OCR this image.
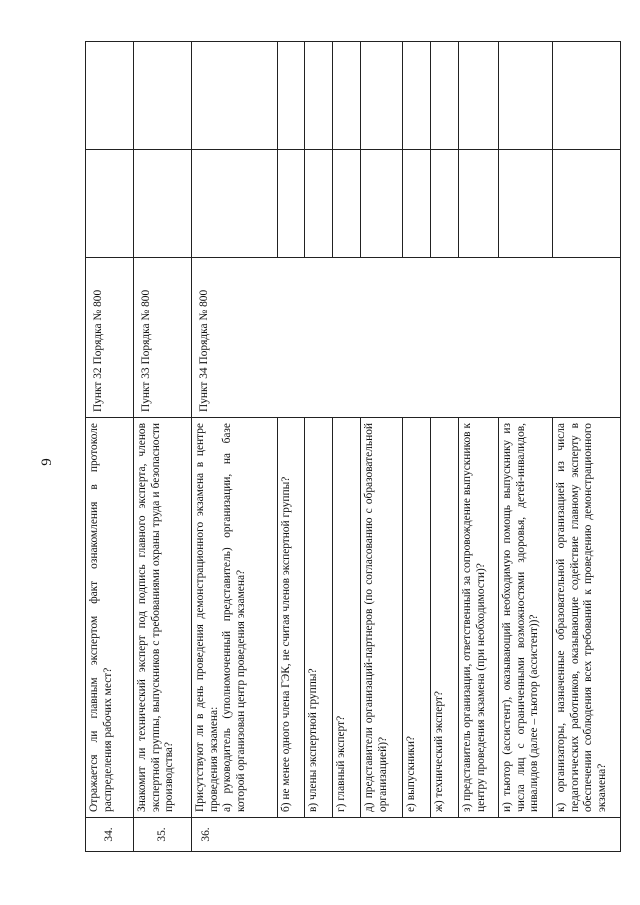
9
34.	Отражается ли главным экспертом факт ознакомления в протоколе распределения рабочих мест?	Пункт 32 Порядка № 800		
35.	Знакомит ли технический эксперт под подпись главного эксперта, членов экспертной группы, выпускников с требованиями охраны труда и безопасности производства?	Пункт 33 Порядка № 800		
36.	Присутствуют ли в день проведения демонстрационного экзамена в центре проведения экзамена: а) руководитель (уполномоченный представитель) организации, на базе которой организован центр проведения экзамена?	Пункт 34 Порядка № 800		
	б) не менее одного члена ГЭК, не считая членов экспертной группы?			
	в) члены экспертной группы?			
	г) главный эксперт?			
	д) представители организаций-партнеров (по согласованию с образовательной организацией)?			
	е) выпускники?			
	ж) технический эксперт?			
	з) представитель организации, ответственный за сопровождение выпускников к центру проведения экзамена (при необходимости)?			
	и) тьютор (ассистент), оказывающий необходимую помощь выпускнику из числа лиц с ограниченными возможностями здоровья, детей-инвалидов, инвалидов (далее – тьютор (ассистент))?			
	к) организаторы, назначенные образовательной организацией из числа педагогических работников, оказывающие содействие главному эксперту в обеспечении соблюдения всех требований к проведению демонстрационного экзамена?			
